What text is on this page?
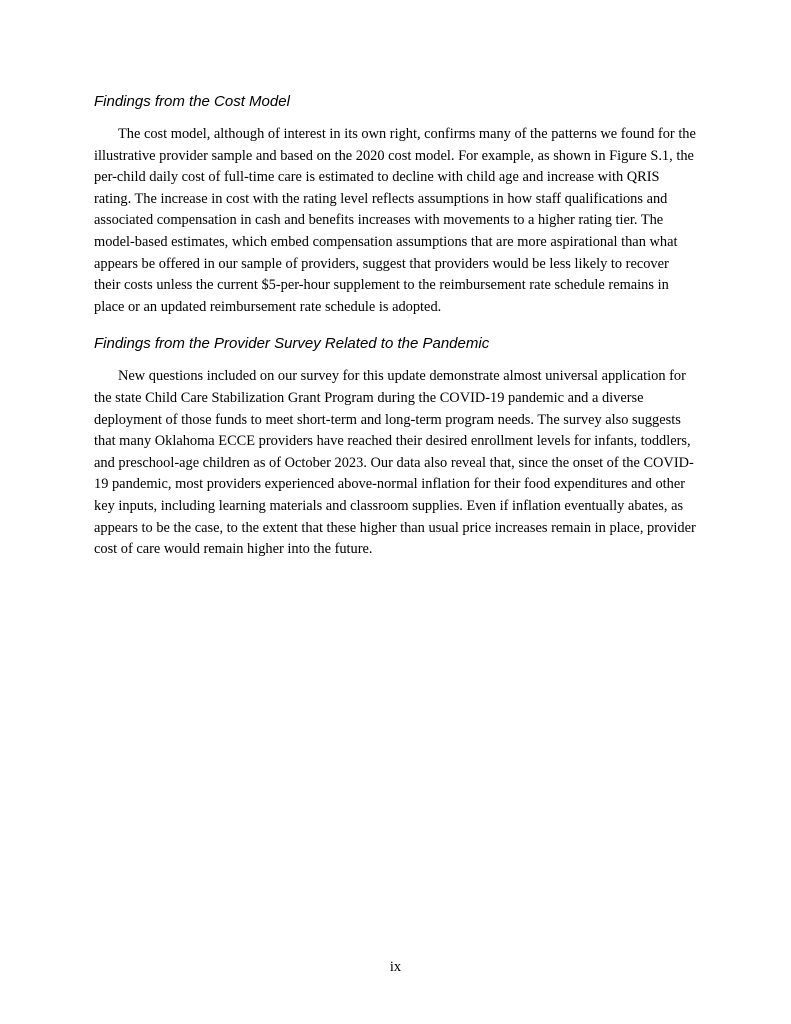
Findings from the Cost Model

The cost model, although of interest in its own right, confirms many of the patterns we found for the illustrative provider sample and based on the 2020 cost model. For example, as shown in Figure S.1, the per-child daily cost of full-time care is estimated to decline with child age and increase with QRIS rating. The increase in cost with the rating level reflects assumptions in how staff qualifications and associated compensation in cash and benefits increases with movements to a higher rating tier. The model-based estimates, which embed compensation assumptions that are more aspirational than what appears be offered in our sample of providers, suggest that providers would be less likely to recover their costs unless the current $5-per-hour supplement to the reimbursement rate schedule remains in place or an updated reimbursement rate schedule is adopted.

Findings from the Provider Survey Related to the Pandemic

New questions included on our survey for this update demonstrate almost universal application for the state Child Care Stabilization Grant Program during the COVID-19 pandemic and a diverse deployment of those funds to meet short-term and long-term program needs. The survey also suggests that many Oklahoma ECCE providers have reached their desired enrollment levels for infants, toddlers, and preschool-age children as of October 2023. Our data also reveal that, since the onset of the COVID-19 pandemic, most providers experienced above-normal inflation for their food expenditures and other key inputs, including learning materials and classroom supplies. Even if inflation eventually abates, as appears to be the case, to the extent that these higher than usual price increases remain in place, provider cost of care would remain higher into the future.

ix
